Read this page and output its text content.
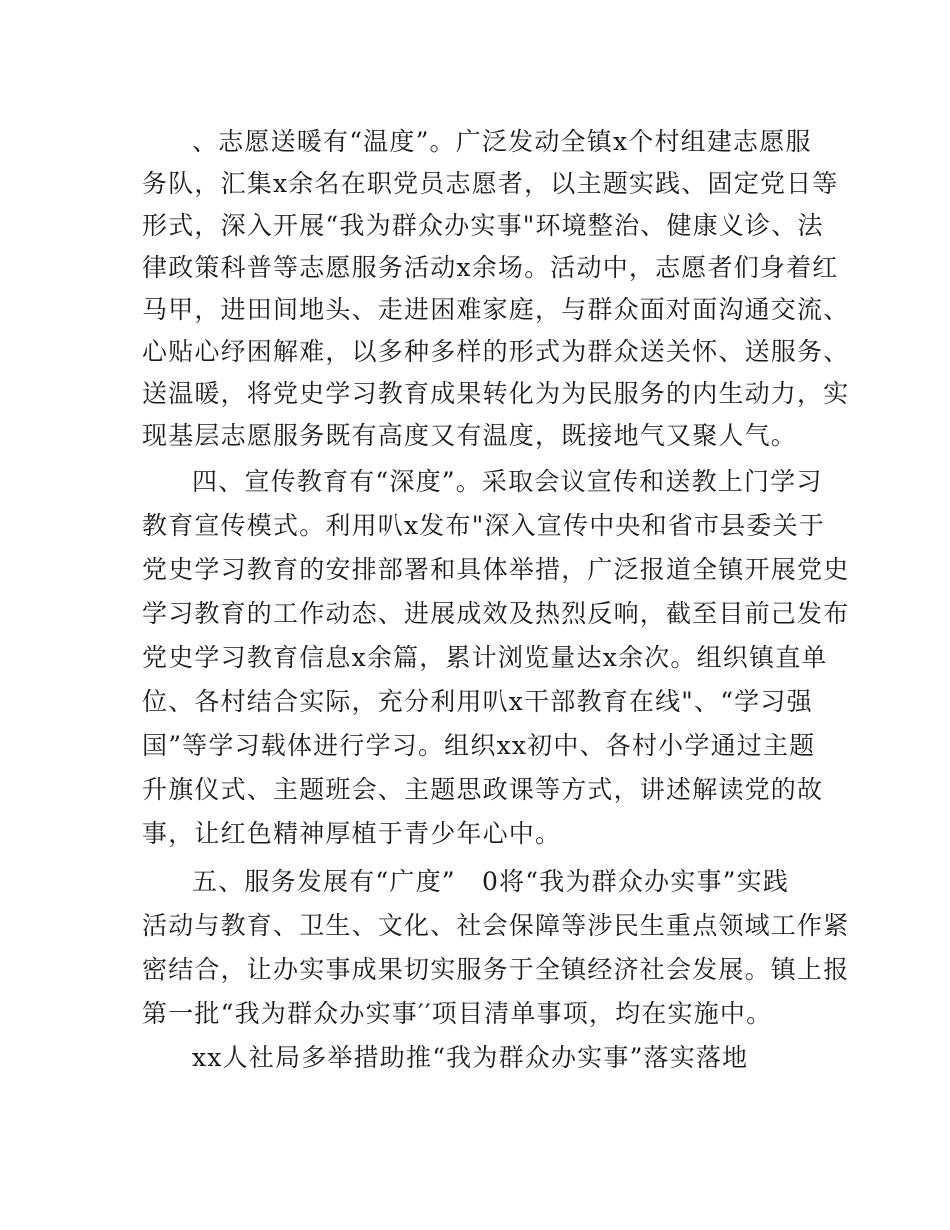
、志愿送暖有“温度”。广泛发动全镇x个村组建志愿服
务队，汇集x余名在职党员志愿者，以主题实践、固定党日等
形式，深入开展“我为群众办实事"环境整治、健康义诊、法
律政策科普等志愿服务活动x余场。活动中，志愿者们身着红
马甲，进田间地头、走进困难家庭，与群众面对面沟通交流、
心贴心纾困解难，以多种多样的形式为群众送关怀、送服务、
送温暖，将党史学习教育成果转化为为民服务的内生动力，实
现基层志愿服务既有高度又有温度，既接地气又聚人气。
四、宣传教育有“深度”。采取会议宣传和送教上门学习
教育宣传模式。利用叭x发布"深入宣传中央和省市县委关于
党史学习教育的安排部署和具体举措，广泛报道全镇开展党史
学习教育的工作动态、进展成效及热烈反响，截至目前己发布
党史学习教育信息x余篇，累计浏览量达x余次。组织镇直单
位、各村结合实际，充分利用叭x干部教育在线"、“学习强
国”等学习载体进行学习。组织xx初中、各村小学通过主题
升旗仪式、主题班会、主题思政课等方式，讲述解读党的故
事，让红色精神厚植于青少年心中。
五、服务发展有“广度”　0将“我为群众办实事”实践
活动与教育、卫生、文化、社会保障等涉民生重点领域工作紧
密结合，让办实事成果切实服务于全镇经济社会发展。镇上报
第一批“我为群众办实事′′项目清单事项，均在实施中。
xx人社局多举措助推“我为群众办实事”落实落地
